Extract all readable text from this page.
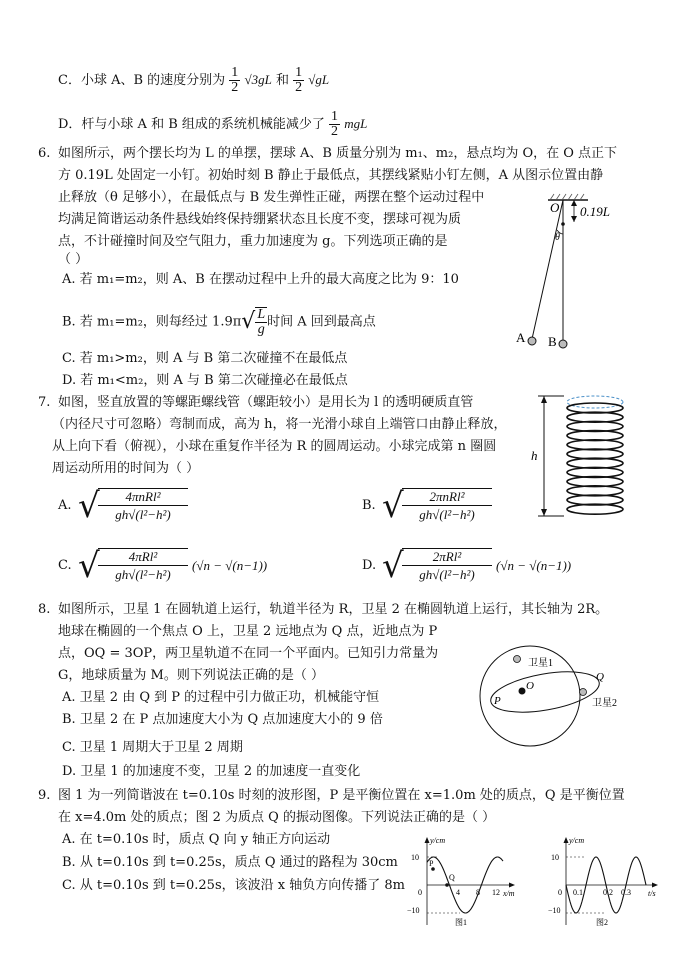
C．小球 A、B 的速度分别为 $\frac{1}{2} √3gL$ 和 $\frac{1}{2} √gL$
D．杆与小球 A 和 B 组成的系统机械能减少了 $\frac{1}{2}$ mgL
6. 如图所示，两个摆长均为 L 的单摆，摆球 A、B 质量分别为 m₁、m₂，悬点均为 O，在 O 点正下
方 0.19L 处固定一小钉。初始时刻 B 静止于最低点，其摆线紧贴小钉左侧，A 从图示位置由静
止释放（θ 足够小），在最低点与 B 发生弹性正碰，两摆在整个运动过程中
均满足简谐运动条件悬线始终保持绷紧状态且长度不变，摆球可视为质
点，不计碰撞时间及空气阻力，重力加速度为 g。下列选项正确的是
（ ）
A. 若 m₁=m₂，则 A、B 在摆动过程中上升的最大高度之比为 9：10
B. 若 m₁=m₂，则每经过 $1.9\pi√ \frac{L}{g}$ 时间 A 回到最高点
C. 若 m₁>m₂，则 A 与 B 第二次碰撞不在最低点
D. 若 m₁<m₂，则 A 与 B 第二次碰撞必在最低点
O
θ
0.19L
A B
7. 如图，竖直放置的等螺距螺线管（螺距较小）是用长为 l 的透明硬质直管
（内径尺寸可忽略）弯制而成，高为 h，将一光滑小球自上端管口由静止释放，
从上向下看（俯视），小球在重复作半径为 R 的圆周运动。小球完成第 n 圈圆
周运动所用的时间为（ ）
A. √	4πnRl²
gh√(l²−h²)
B. √	2πnRl²
gh√(l²−h²)
C. √	4πRl²
gh√(l²−h²)
(√n − √(n−1))	D. √	2πRl²
gh√(l²−h²)
(√n − √(n−1))
h
8. 如图所示，卫星 1 在圆轨道上运行，轨道半径为 R，卫星 2 在椭圆轨道上运行，其长轴为 2R。
地球在椭圆的一个焦点 O 上，卫星 2 远地点为 Q 点，近地点为 P
点，OQ = 3OP，两卫星轨道不在同一个平面内。已知引力常量为
G，地球质量为 M。则下列说法正确的是（ ）
A. 卫星 2 由 Q 到 P 的过程中引力做正功，机械能守恒
B. 卫星 2 在 P 点加速度大小为 Q 点加速度大小的 9 倍
C. 卫星 1 周期大于卫星 2 周期
D. 卫星 1 的加速度不变，卫星 2 的加速度一直变化
O
P
Q
卫星1
卫星2
9. 图 1 为一列简谐波在 t=0.10s 时刻的波形图，P 是平衡位置在 x=1.0m 处的质点，Q 是平衡位置
在 x=4.0m 处的质点；图 2 为质点 Q 的振动图像。下列说法正确的是（ ）
A. 在 t=0.10s 时，质点 Q 向 y 轴正方向运动
B. 从 t=0.10s 到 t=0.25s，质点 Q 通过的路程为 30cm
C. 从 t=0.10s 到 t=0.25s，该波沿 x 轴负方向传播了 8m
y/cm
x/m
10
0
−10
4 8 12
P
Q
图1
y/cm
t/s
10
0
−10
0.1	0.2 0.3
图2
